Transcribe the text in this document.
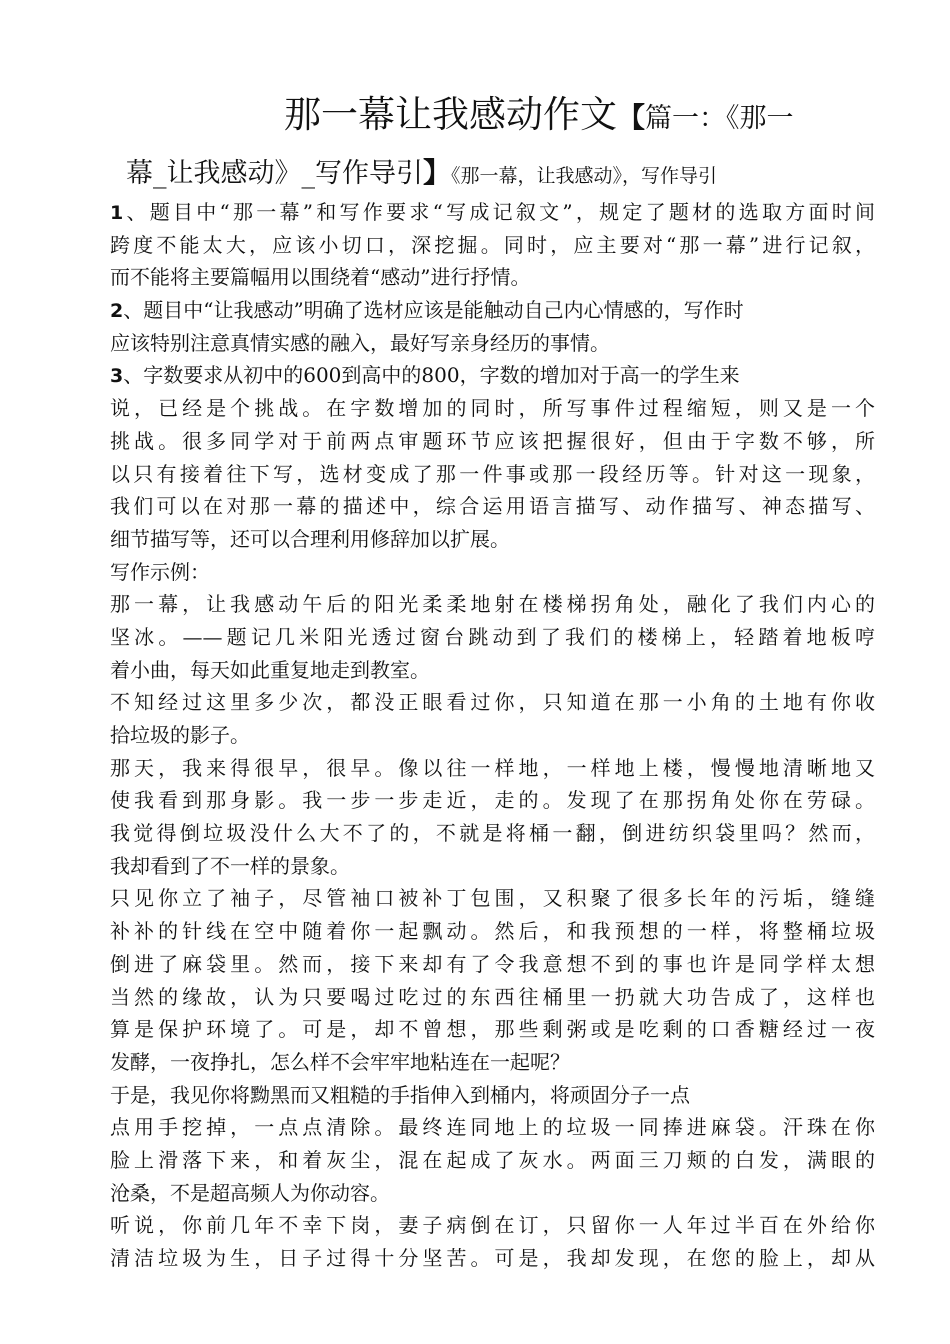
那一幕让我感动作文【篇一：《那一
幕_让我感动》_写作导引】《那一幕，让我感动》，写作导引
1、题目中“那一幕”和写作要求“写成记叙文”，规定了题材的选取方面时间
跨度不能太大，应该小切口，深挖掘。同时，应主要对“那一幕”进行记叙，
而不能将主要篇幅用以围绕着“感动”进行抒情。
2、题目中“让我感动”明确了选材应该是能触动自己内心情感的，写作时
应该特别注意真情实感的融入，最好写亲身经历的事情。
3、字数要求从初中的600到高中的800，字数的增加对于高一的学生来
说，已经是个挑战。在字数增加的同时，所写事件过程缩短，则又是一个
挑战。很多同学对于前两点审题环节应该把握很好，但由于字数不够，所
以只有接着往下写，选材变成了那一件事或那一段经历等。针对这一现象，
我们可以在对那一幕的描述中，综合运用语言描写、动作描写、神态描写、
细节描写等，还可以合理利用修辞加以扩展。
写作示例：
那一幕，让我感动午后的阳光柔柔地射在楼梯拐角处，融化了我们内心的
坚冰。——题记几米阳光透过窗台跳动到了我们的楼梯上，轻踏着地板哼
着小曲，每天如此重复地走到教室。
不知经过这里多少次，都没正眼看过你，只知道在那一小角的土地有你收
拾垃圾的影子。
那天，我来得很早，很早。像以往一样地，一样地上楼，慢慢地清晰地又
使我看到那身影。我一步一步走近，走的。发现了在那拐角处你在劳碌。
我觉得倒垃圾没什么大不了的，不就是将桶一翻，倒进纺织袋里吗？然而，
我却看到了不一样的景象。
只见你立了袖子，尽管袖口被补丁包围，又积聚了很多长年的污垢，缝缝
补补的针线在空中随着你一起飘动。然后，和我预想的一样，将整桶垃圾
倒进了麻袋里。然而，接下来却有了令我意想不到的事也许是同学样太想
当然的缘故，认为只要喝过吃过的东西往桶里一扔就大功告成了，这样也
算是保护环境了。可是，却不曾想，那些剩粥或是吃剩的口香糖经过一夜
发酵，一夜挣扎，怎么样不会牢牢地粘连在一起呢？
于是，我见你将黝黑而又粗糙的手指伸入到桶内，将顽固分子一点
点用手挖掉，一点点清除。最终连同地上的垃圾一同捧进麻袋。汗珠在你
脸上滑落下来，和着灰尘，混在起成了灰水。两面三刀颊的白发，满眼的
沧桑，不是超高频人为你动容。
听说，你前几年不幸下岗，妻子病倒在订，只留你一人年过半百在外给你
清洁垃圾为生，日子过得十分坚苦。可是，我却发现，在您的脸上，却从
